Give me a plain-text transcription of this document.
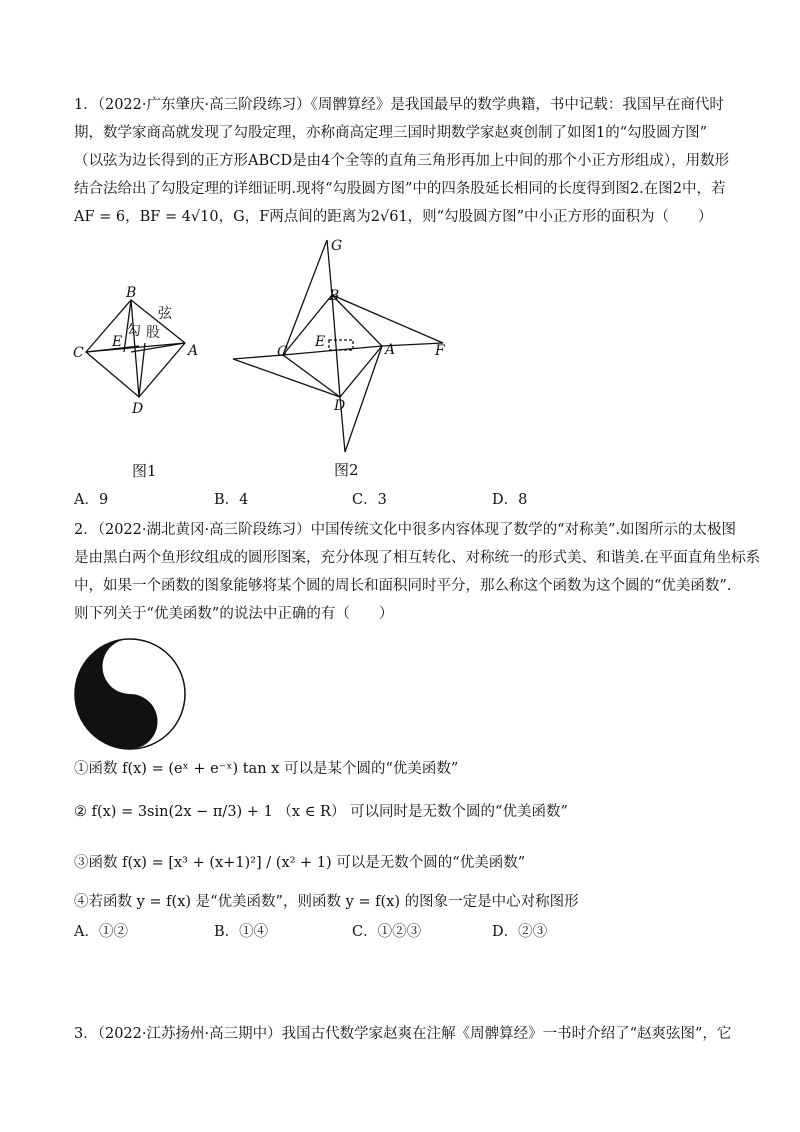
1．（2022·广东肇庆·高三阶段练习）《周髀算经》是我国最早的数学典籍，书中记载：我国早在商代时
期，数学家商高就发现了勾股定理，亦称商高定理三国时期数学家赵爽创制了如图1的“勾股圆方图”
（以弦为边长得到的正方形ABCD是由4个全等的直角三角形再加上中间的那个小正方形组成），用数形
结合法给出了勾股定理的详细证明.现将“勾股圆方图”中的四条股延长相同的长度得到图2.在图2中，若
AF = 6，BF = 4√10，G，F两点间的距离为2√61，则“勾股圆方图”中小正方形的面积为（　　）
B
C
E
A
D
弦
勾 股
图1
G
B
E
C	A	F
D
图2
A．9	B．4	C．3	D．8
2．（2022·湖北黄冈·高三阶段练习）中国传统文化中很多内容体现了数学的“对称美”.如图所示的太极图
是由黑白两个鱼形纹组成的圆形图案，充分体现了相互转化、对称统一的形式美、和谐美.在平面直角坐标系
中，如果一个函数的图象能够将某个圆的周长和面积同时平分，那么称这个函数为这个圆的“优美函数”.
则下列关于“优美函数”的说法中正确的有（　　）
①函数 f(x) = (eˣ + e⁻ˣ) tan x 可以是某个圆的“优美函数”
② f(x) = 3sin(2x − π/3) + 1 （x ∈ R） 可以同时是无数个圆的“优美函数”
③函数 f(x) = [x³ + (x+1)²] / (x² + 1) 可以是无数个圆的“优美函数”
④若函数 y = f(x) 是“优美函数”，则函数 y = f(x) 的图象一定是中心对称图形
A．①②	B．①④	C．①②③	D．②③
3．（2022·江苏扬州·高三期中）我国古代数学家赵爽在注解《周髀算经》一书时介绍了“赵爽弦图”，它
